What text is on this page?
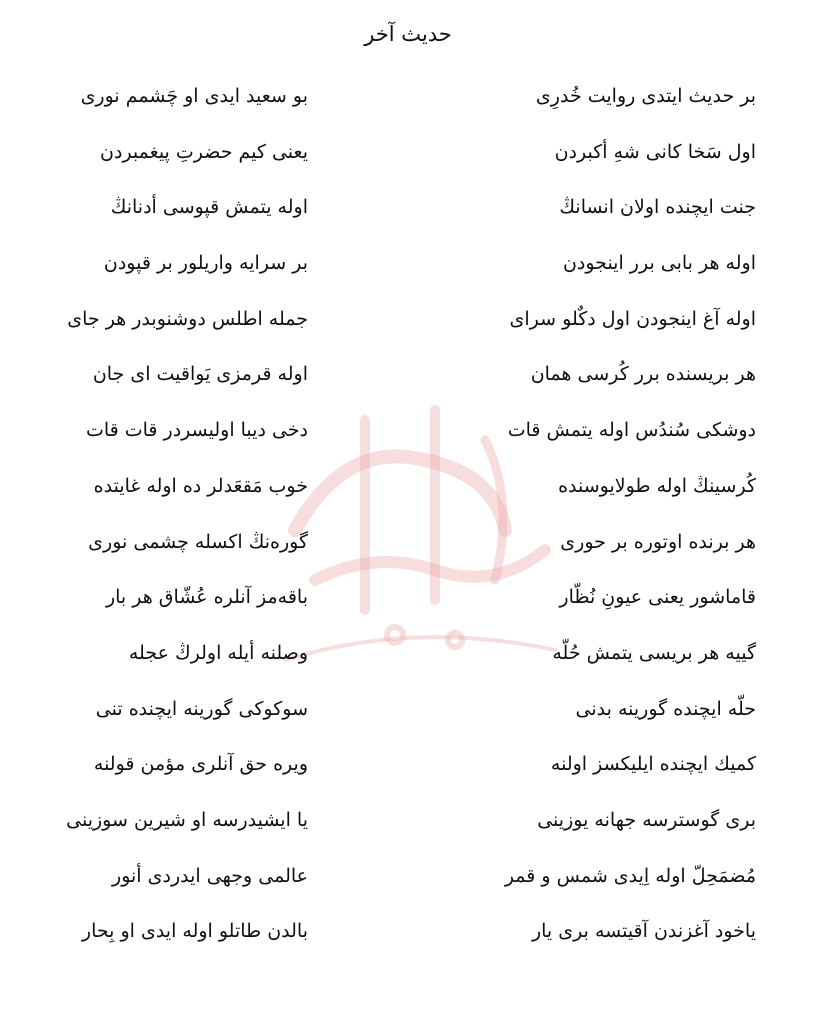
حدیث آخر
بر حدیث ایتدی روایت خُدرِی
بو سعید ایدی او چَشمم نوری
اول سَخا کانی شهِ أکبردن
یعنی کیم حضرتِ پیغمبردن
جنت ایچنده اولان انسانڭ
اوله یتمش قپوسی أدنانڭ
اوله هر بابی برر اینجودن
بر سرایه واریلور بر قپودن
اوله آغ اینجودن اول دکٌلو سرای
جمله اطلس دوشنوبدر هر جای
هر بریسنده برر کُرسی همان
اوله قرمزی یَواقیت ای جان
دوشکی سُندُس اوله یتمش قات
دخی دیبا اولیسردر قات قات
کُرسینڭ اوله طولایوسنده
خوب مَقعَدلر ده اوله غایتده
هر برنده اوتوره بر حوری
گورەنڭ اکسله چشمی نوری
قاماشور یعنی عیونِ نُظّار
باقەمز آنلره عُشّاق هر بار
گییه هر بریسی یتمش حُلّه
وصلنه أیله اولرڭ عجله
حلّه ایچنده گورینه بدنی
سوکوکی گورینه ایچنده تنی
کمیك ایچنده ایلیکسز اولنه
ویره حق آنلری مؤمن قولنه
بری گوسترسه جهانه یوزینی
یا ایشیدرسه او شیرین سوزینی
مُضمَحِلّ اوله اِیدی شمس و قمر
عالمی وجهی ایدردی أنور
یاخود آغزندن آقیتسه بری یار
بالدن طاتلو اوله ایدی او بِحار
